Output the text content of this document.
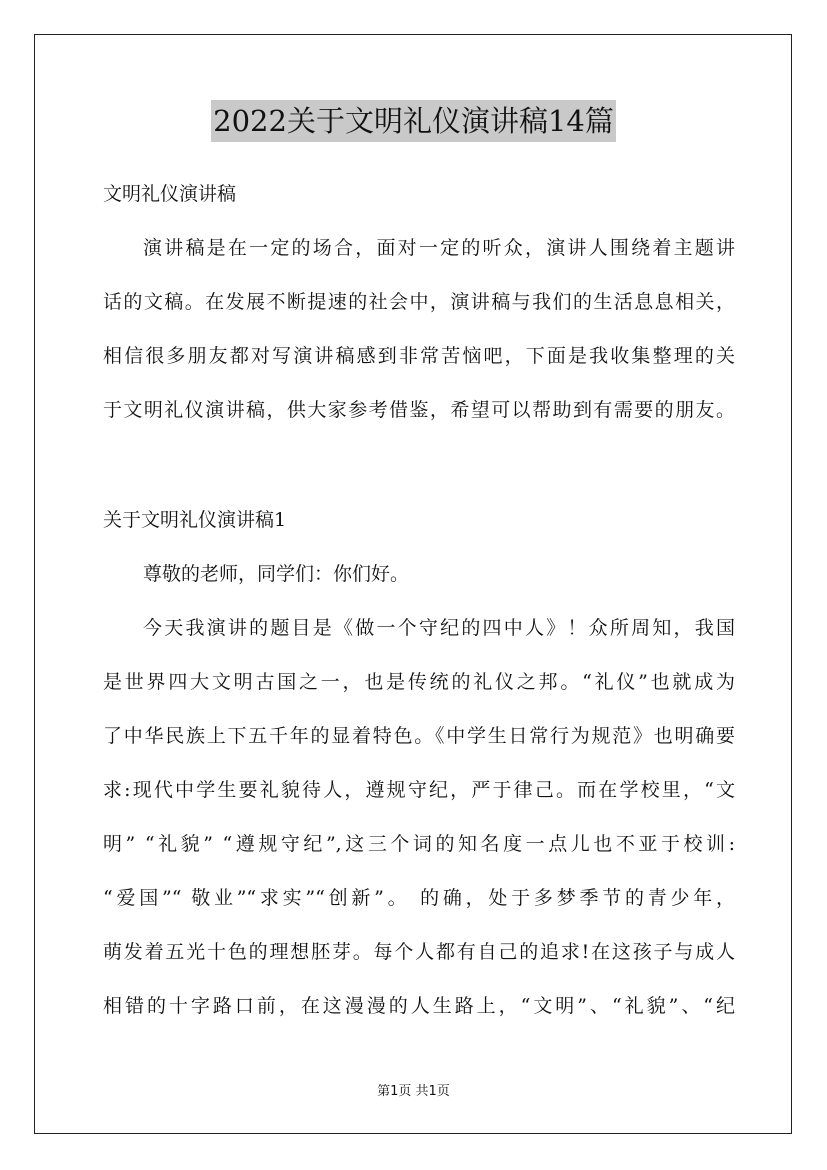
2022关于文明礼仪演讲稿14篇
文明礼仪演讲稿
演讲稿是在一定的场合，面对一定的听众，演讲人围绕着主题讲
话的文稿。在发展不断提速的社会中，演讲稿与我们的生活息息相关，
相信很多朋友都对写演讲稿感到非常苦恼吧，下面是我收集整理的关
于文明礼仪演讲稿，供大家参考借鉴，希望可以帮助到有需要的朋友。
关于文明礼仪演讲稿1
尊敬的老师，同学们：你们好。
今天我演讲的题目是《做一个守纪的四中人》！众所周知，我国
是世界四大文明古国之一，也是传统的礼仪之邦。“礼仪”也就成为
了中华民族上下五千年的显着特色。《中学生日常行为规范》也明确要
求:现代中学生要礼貌待人，遵规守纪，严于律己。而在学校里，“文
明” “礼貌” “遵规守纪”,这三个词的知名度一点儿也不亚于校训:
“爱国”“ 敬业”“求实”“创新”。 的确，处于多梦季节的青少年，
萌发着五光十色的理想胚芽。每个人都有自己的追求!在这孩子与成人
相错的十字路口前，在这漫漫的人生路上，“文明”、“礼貌”、“纪
第1页 共1页
